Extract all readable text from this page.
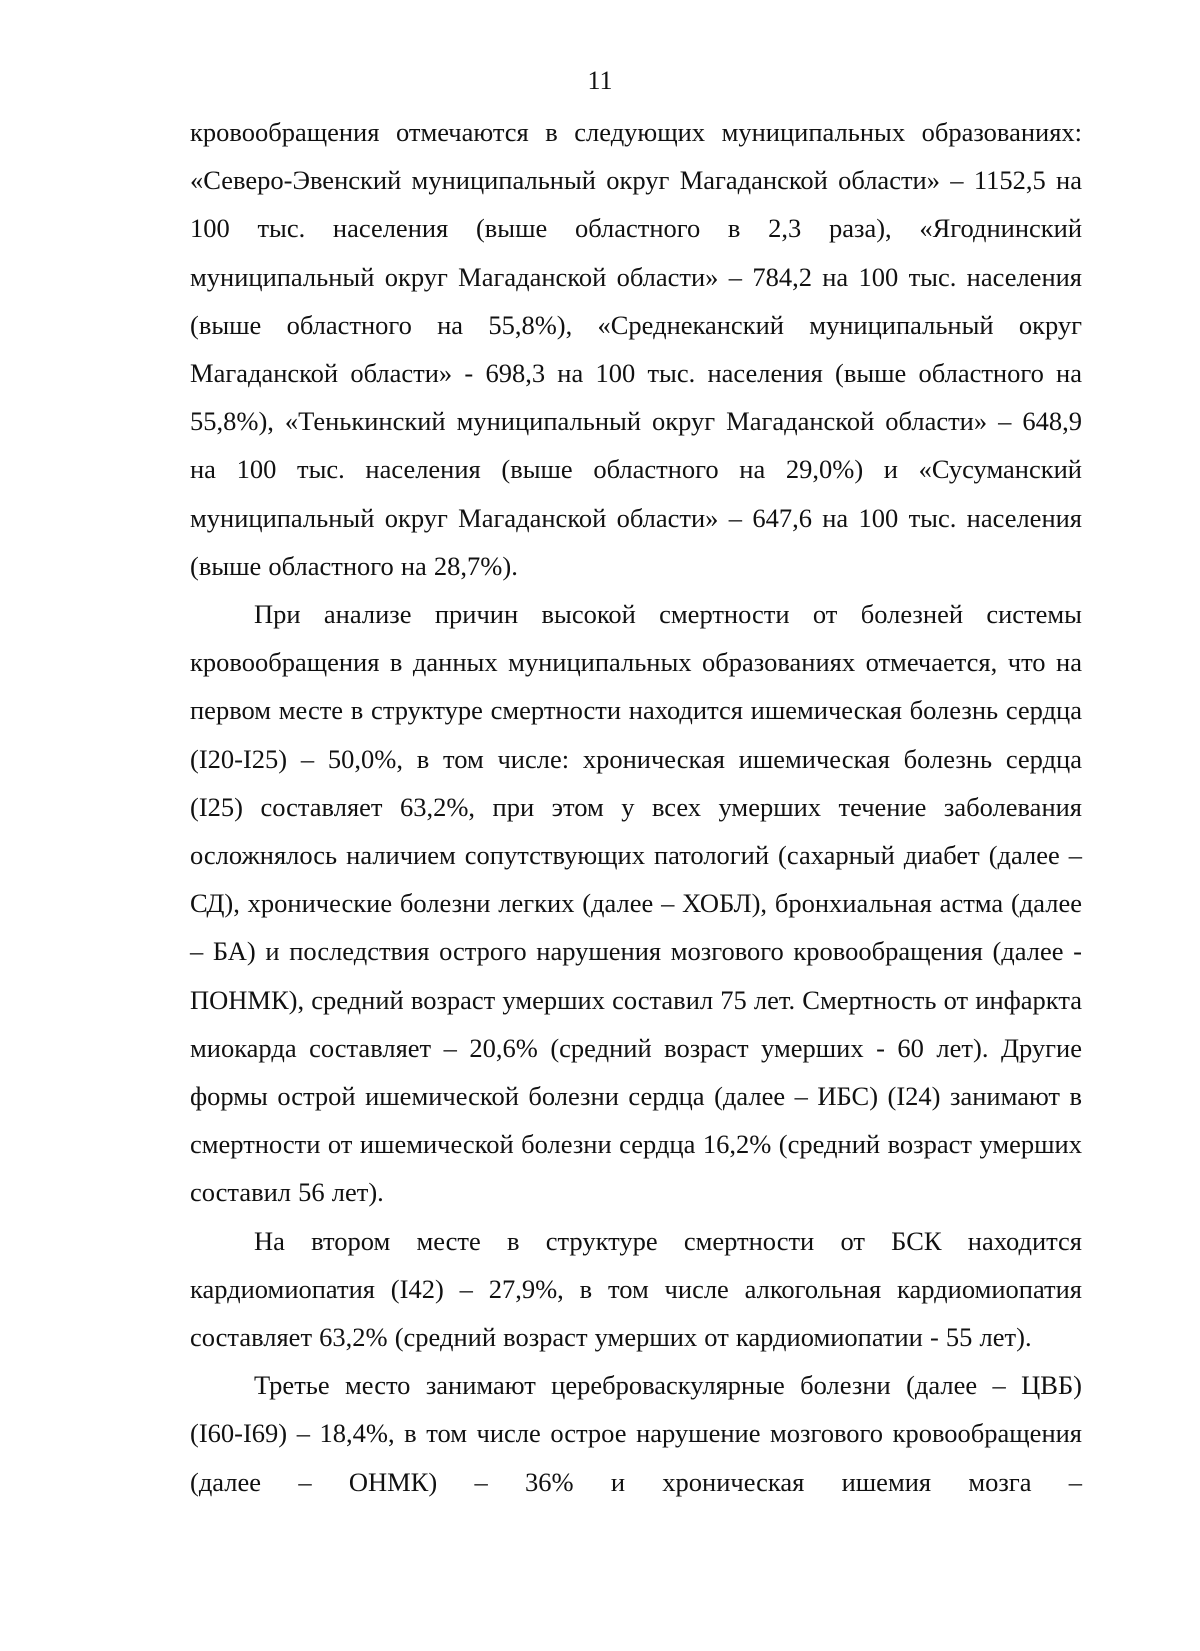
11

кровообращения отмечаются в следующих муниципальных образованиях: «Северо-Эвенский муниципальный округ Магаданской области» – 1152,5 на 100 тыс. населения (выше областного в 2,3 раза), «Ягоднинский муниципальный округ Магаданской области» – 784,2 на 100 тыс. населения (выше областного на 55,8%), «Среднеканский муниципальный округ Магаданской области» - 698,3 на 100 тыс. населения (выше областного на 55,8%), «Тенькинский муниципальный округ Магаданской области» – 648,9 на 100 тыс. населения (выше областного на 29,0%) и «Сусуманский муниципальный округ Магаданской области» – 647,6 на 100 тыс. населения (выше областного на 28,7%).

При анализе причин высокой смертности от болезней системы кровообращения в данных муниципальных образованиях отмечается, что на первом месте в структуре смертности находится ишемическая болезнь сердца (I20-I25) – 50,0%, в том числе: хроническая ишемическая болезнь сердца (I25) составляет 63,2%, при этом у всех умерших течение заболевания осложнялось наличием сопутствующих патологий (сахарный диабет (далее – СД), хронические болезни легких (далее – ХОБЛ), бронхиальная астма (далее – БА) и последствия острого нарушения мозгового кровообращения (далее - ПОНМК), средний возраст умерших составил 75 лет. Смертность от инфаркта миокарда составляет – 20,6% (средний возраст умерших - 60 лет). Другие формы острой ишемической болезни сердца (далее – ИБС) (I24) занимают в смертности от ишемической болезни сердца 16,2% (средний возраст умерших составил 56 лет).

На втором месте в структуре смертности от БСК находится кардиомиопатия (I42) – 27,9%, в том числе алкогольная кардиомиопатия составляет 63,2% (средний возраст умерших от кардиомиопатии - 55 лет).

Третье место занимают цереброваскулярные болезни (далее – ЦВБ) (I60-I69) – 18,4%, в том числе острое нарушение мозгового кровообращения (далее – ОНМК) – 36% и хроническая ишемия мозга –
